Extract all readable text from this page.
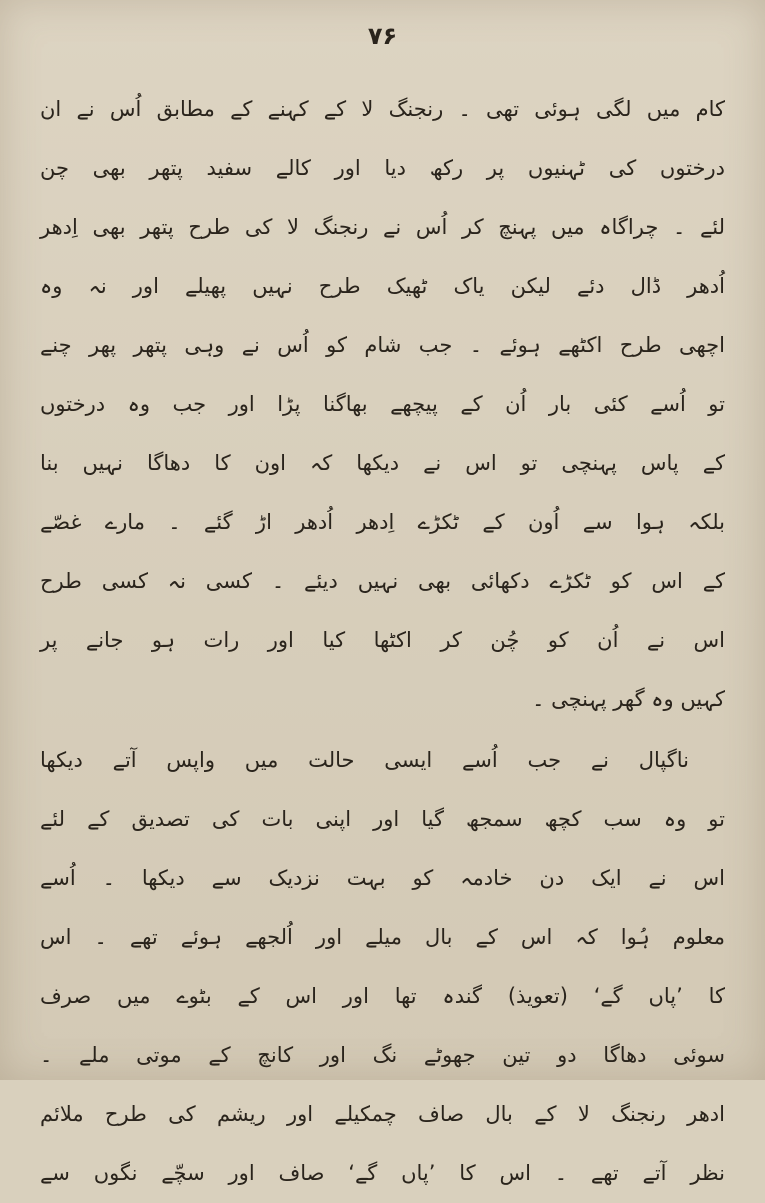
۷۶
کام میں لگی ہوئی تھی ۔ رنجنگ لا کے کہنے کے مطابق اُس نے ان
درختوں کی ٹہنیوں پر رکھ دیا اور کالے سفید پتھر بھی چن
لئے ۔ چراگاہ میں پہنچ کر اُس نے رنجنگ لا کی طرح پتھر بھی اِدھر
اُدھر ڈال دئے لیکن یاک ٹھیک طرح نہیں پھیلے اور نہ وہ
اچھی طرح اکٹھے ہوئے ۔ جب شام کو اُس نے وہی پتھر پھر چنے
تو اُسے کئی بار اُن کے پیچھے بھاگنا پڑا اور جب وہ درختوں
کے پاس پہنچی تو اس نے دیکھا کہ اون کا دھاگا نہیں بنا
بلکہ ہوا سے اُون کے ٹکڑے اِدھر اُدھر اڑ گئے ۔ مارے غصّے
کے اس کو ٹکڑے دکھائی بھی نہیں دیئے ۔ کسی نہ کسی طرح
اس نے اُن کو چُن کر اکٹھا کیا اور رات ہو جانے پر
کہیں وہ گھر پہنچی ۔
ناگپال نے جب اُسے ایسی حالت میں واپس آتے دیکھا
تو وہ سب کچھ سمجھ گیا اور اپنی بات کی تصدیق کے لئے
اس نے ایک دن خادمہ کو بہت نزدیک سے دیکھا ۔ اُسے
معلوم ہُوا کہ اس کے بال میلے اور اُلجھے ہوئے تھے ۔ اس
کا ’پاں گے‘ (تعویذ) گندہ تھا اور اس کے بٹوے میں صرف
سوئی دھاگا دو تین جھوٹے نگ اور کانچ کے موتی ملے ۔
ادھر رنجنگ لا کے بال صاف چمکیلے اور ریشم کی طرح ملائم
نظر آتے تھے ۔ اس کا ’پاں گے‘ صاف اور سچّے نگوں سے
